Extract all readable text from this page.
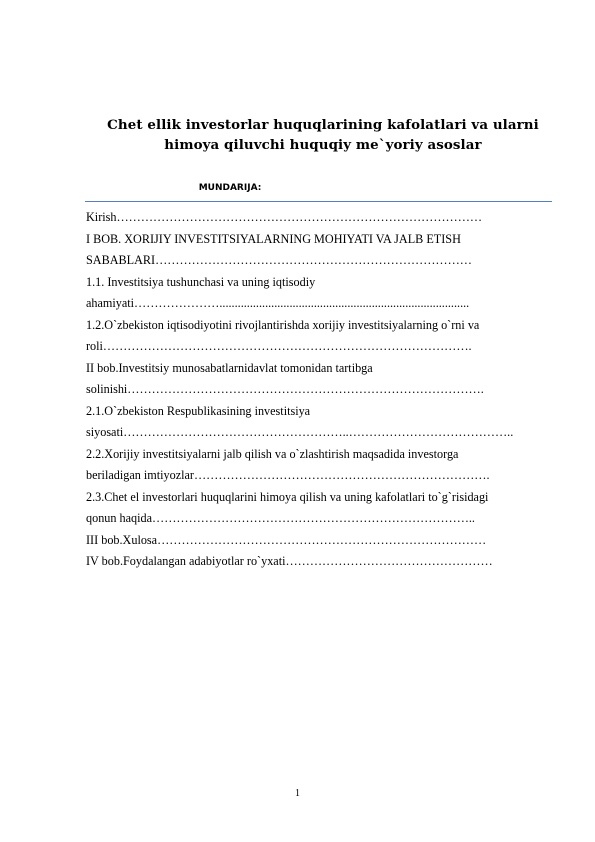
Chet ellik investorlar huquqlarining kafolatlari va ularni himoya qiluvchi huquqiy me`yoriy asoslar
MUNDARIJA:
Kirish………………………………………………………………………………
I BOB. XORIJIY INVESTITSIYALARNING MOHIYATI VA JALB ETISH
SABABLARI……………………………………………………………………
1.1. Investitsiya tushunchasi va uning iqtisodiy
ahamiyati…………………..................................................................................
1.2.O`zbekiston iqtisodiyotini rivojlantirishda xorijiy investitsiyalarning o`rni va
roli……………………………………………………………………………….
II bob.Investitsiy munosabatlarnidavlat tomonidan tartibga
solinishi…………………………………………………………………………….
2.1.O`zbekiston Respublikasining investitsiya
siyosati………………………………………………..…………………………………..
2.2.Xorijiy investitsiyalarni jalb qilish va o`zlashtirish maqsadida investorga
beriladigan imtiyozlar……………………………………………………………….
2.3.Chet el investorlari huquqlarini himoya qilish va uning kafolatlari to`g`risidagi
qonun haqida……………………………………………………………………..
III bob.Xulosa………………………………………………………………………
IV bob.Foydalangan adabiyotlar ro`yxati……………………………………………
1
